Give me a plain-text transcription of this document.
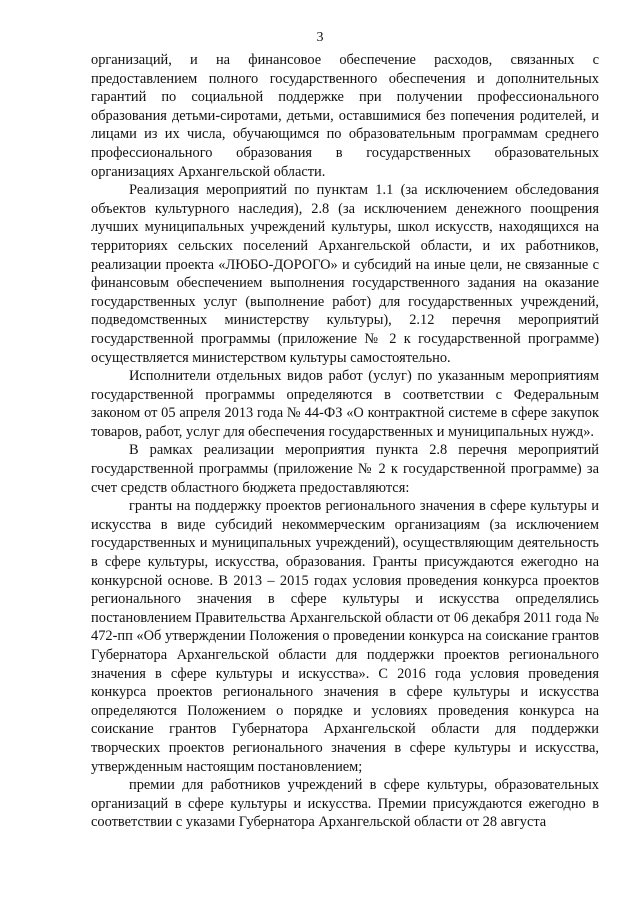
3

организаций, и на финансовое обеспечение расходов, связанных с предоставлением полного государственного обеспечения и дополнительных гарантий по социальной поддержке при получении профессионального образования детьми-сиротами, детьми, оставшимися без попечения родителей, и лицами из их числа, обучающимся по образовательным программам среднего профессионального образования в государственных образовательных организациях Архангельской области.

Реализация мероприятий по пунктам 1.1 (за исключением обследования объектов культурного наследия), 2.8 (за исключением денежного поощрения лучших муниципальных учреждений культуры, школ искусств, находящихся на территориях сельских поселений Архангельской области, и их работников, реализации проекта «ЛЮБО-ДОРОГО» и субсидий на иные цели, не связанные с финансовым обеспечением выполнения государственного задания на оказание государственных услуг (выполнение работ) для государственных учреждений, подведомственных министерству культуры), 2.12 перечня мероприятий государственной программы (приложение № 2 к государственной программе) осуществляется министерством культуры самостоятельно.

Исполнители отдельных видов работ (услуг) по указанным мероприятиям государственной программы определяются в соответствии с Федеральным законом от 05 апреля 2013 года № 44-ФЗ «О контрактной системе в сфере закупок товаров, работ, услуг для обеспечения государственных и муниципальных нужд».

В рамках реализации мероприятия пункта 2.8 перечня мероприятий государственной программы (приложение № 2 к государственной программе) за счет средств областного бюджета предоставляются:

гранты на поддержку проектов регионального значения в сфере культуры и искусства в виде субсидий некоммерческим организациям (за исключением государственных и муниципальных учреждений), осуществляющим деятельность в сфере культуры, искусства, образования. Гранты присуждаются ежегодно на конкурсной основе. В 2013 – 2015 годах условия проведения конкурса проектов регионального значения в сфере культуры и искусства определялись постановлением Правительства Архангельской области от 06 декабря 2011 года № 472-пп «Об утверждении Положения о проведении конкурса на соискание грантов Губернатора Архангельской области для поддержки проектов регионального значения в сфере культуры и искусства». С 2016 года условия проведения конкурса проектов регионального значения в сфере культуры и искусства определяются Положением о порядке и условиях проведения конкурса на соискание грантов Губернатора Архангельской области для поддержки творческих проектов регионального значения в сфере культуры и искусства, утвержденным настоящим постановлением;

премии для работников учреждений в сфере культуры, образовательных организаций в сфере культуры и искусства. Премии присуждаются ежегодно в соответствии с указами Губернатора Архангельской области от 28 августа
